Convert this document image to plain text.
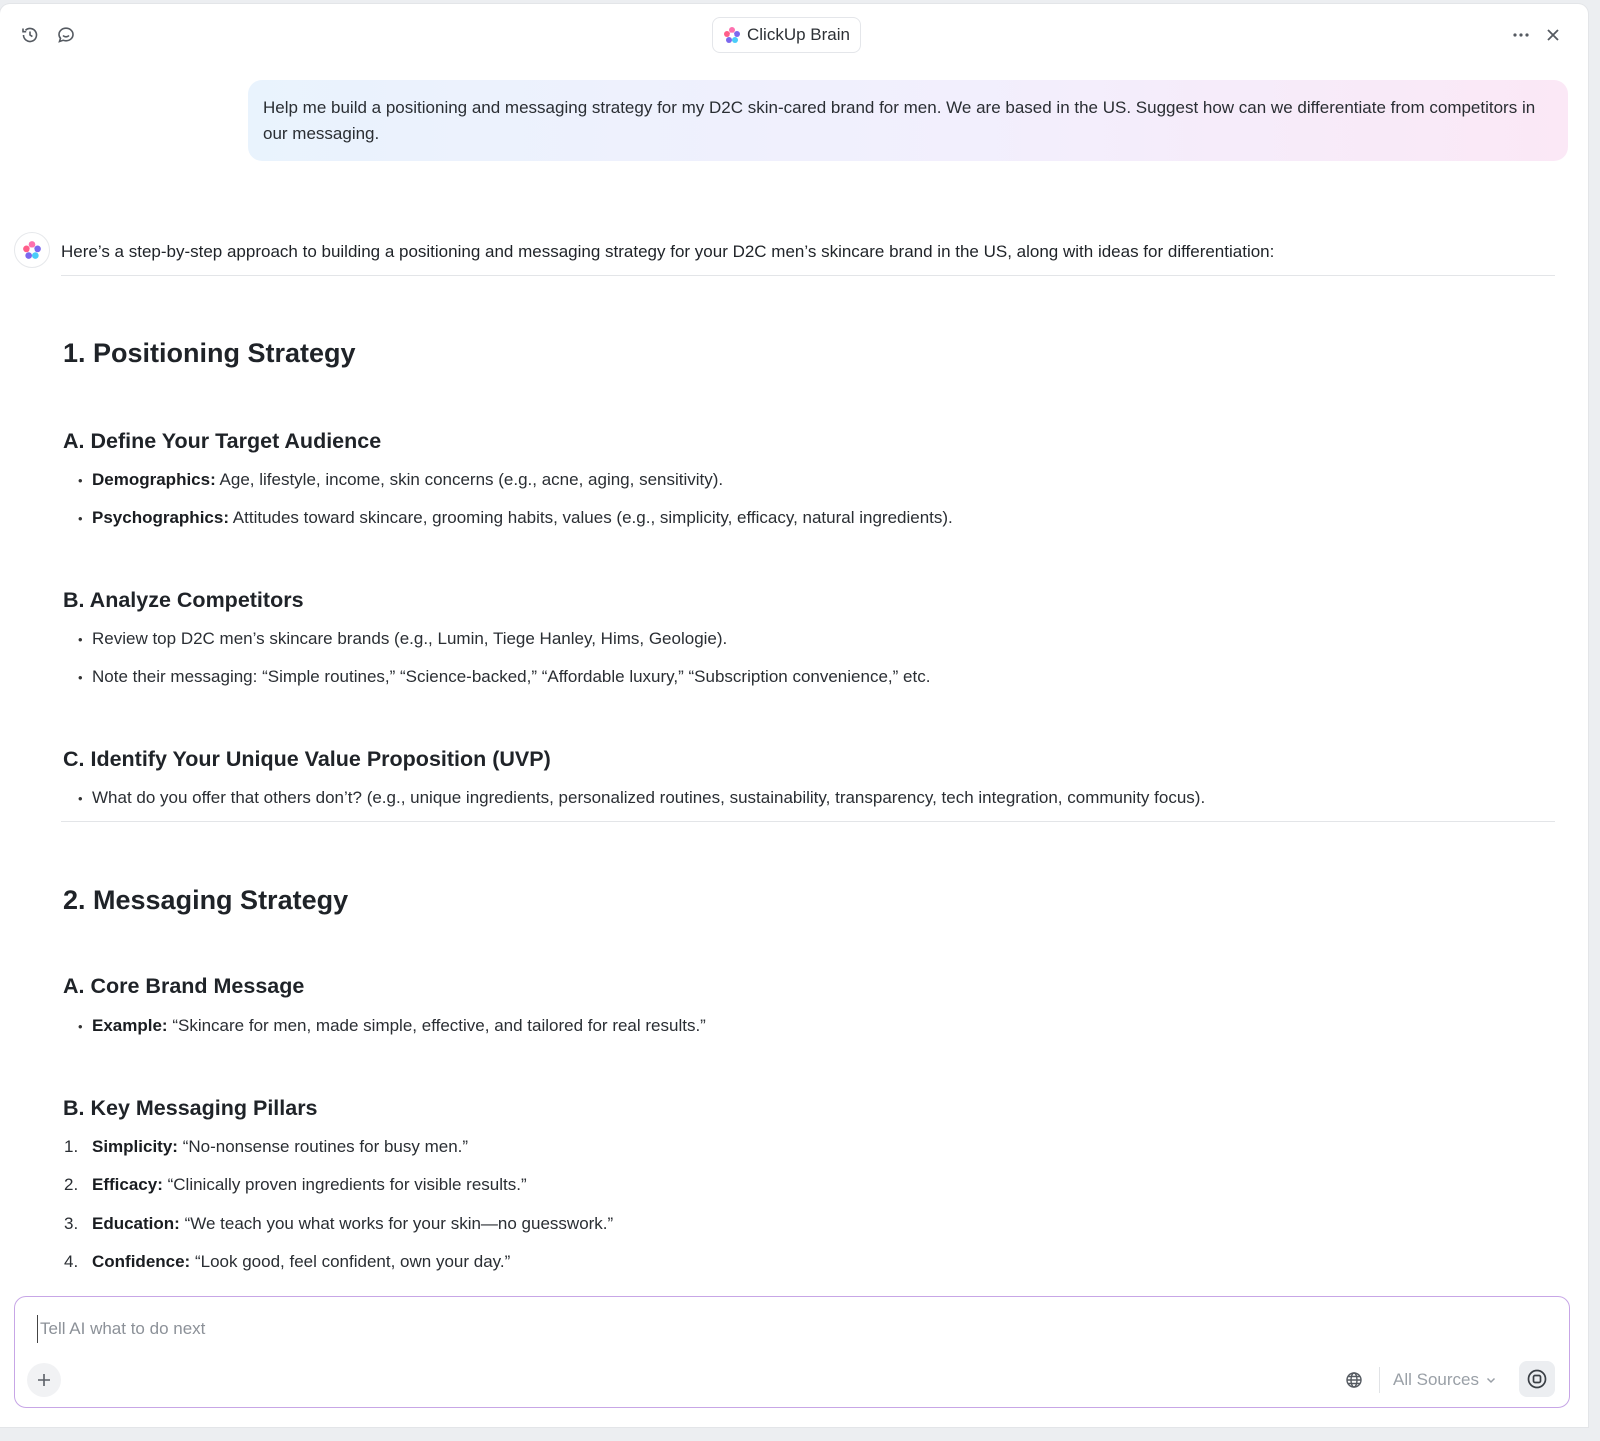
ClickUp Brain
Help me build a positioning and messaging strategy for my D2C skin-cared brand for men. We are based in the US. Suggest how can we differentiate from competitors in our messaging.
Here’s a step-by-step approach to building a positioning and messaging strategy for your D2C men’s skincare brand in the US, along with ideas for differentiation:
1. Positioning Strategy
A. Define Your Target Audience
• Demographics: Age, lifestyle, income, skin concerns (e.g., acne, aging, sensitivity).
• Psychographics: Attitudes toward skincare, grooming habits, values (e.g., simplicity, efficacy, natural ingredients).
B. Analyze Competitors
• Review top D2C men’s skincare brands (e.g., Lumin, Tiege Hanley, Hims, Geologie).
• Note their messaging: “Simple routines,” “Science-backed,” “Affordable luxury,” “Subscription convenience,” etc.
C. Identify Your Unique Value Proposition (UVP)
• What do you offer that others don’t? (e.g., unique ingredients, personalized routines, sustainability, transparency, tech integration, community focus).
2. Messaging Strategy
A. Core Brand Message
• Example: “Skincare for men, made simple, effective, and tailored for real results.”
B. Key Messaging Pillars
1. Simplicity: “No-nonsense routines for busy men.”
2. Efficacy: “Clinically proven ingredients for visible results.”
3. Education: “We teach you what works for your skin—no guesswork.”
4. Confidence: “Look good, feel confident, own your day.”
Tell AI what to do next
All Sources
